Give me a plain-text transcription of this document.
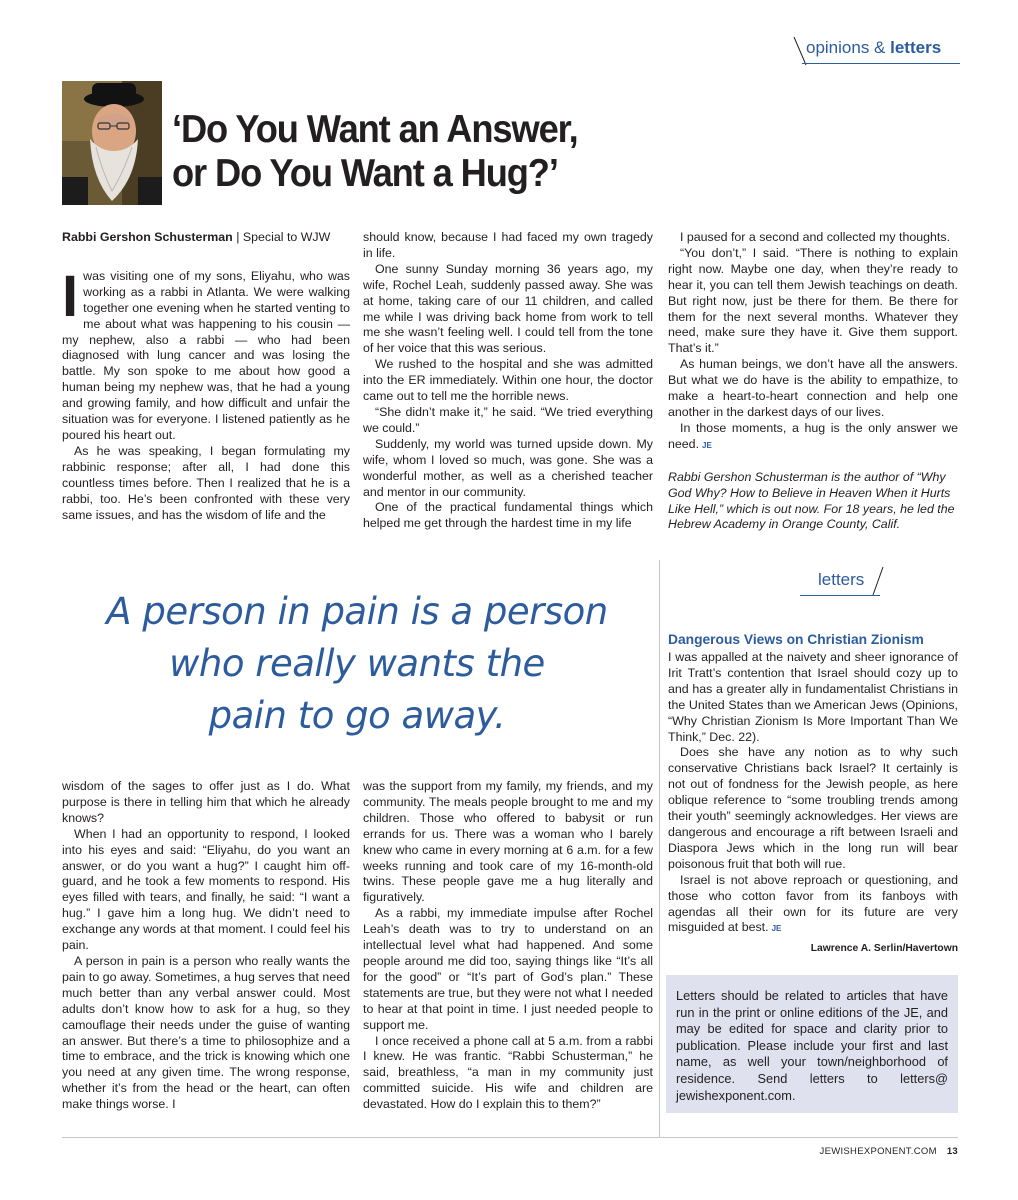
opinions & letters
‘Do You Want an Answer,
or Do You Want a Hug?’

Rabbi Gershon Schusterman | Special to WJW

Iwas visiting one of my sons, Eliyahu, who was working as a rabbi in Atlanta. We were walking together one evening when he started venting to me about what was happening to his cousin — my nephew, also a rabbi — who had been diagnosed with lung cancer and was losing the battle. My son spoke to me about how good a human being my nephew was, that he had a young and growing family, and how difficult and unfair the situation was for everyone. I listened patiently as he poured his heart out.

As he was speaking, I began formulating my rabbinic response; after all, I had done this countless times before. Then I realized that he is a rabbi, too. He’s been confronted with these very same issues, and has the wisdom of life and the

should know, because I had faced my own tragedy in life.

One sunny Sunday morning 36 years ago, my wife, Rochel Leah, suddenly passed away. She was at home, taking care of our 11 children, and called me while I was driving back home from work to tell me she wasn’t feeling well. I could tell from the tone of her voice that this was serious.

We rushed to the hospital and she was admitted into the ER immediately. Within one hour, the doctor came out to tell me the horrible news.

“She didn’t make it,” he said. “We tried everything we could.”

Suddenly, my world was turned upside down. My wife, whom I loved so much, was gone. She was a wonderful mother, as well as a cherished teacher and mentor in our community.

One of the practical fundamental things which helped me get through the hardest time in my life

I paused for a second and collected my thoughts.

“You don’t,” I said. “There is nothing to explain right now. Maybe one day, when they’re ready to hear it, you can tell them Jewish teachings on death. But right now, just be there for them. Be there for them for the next several months. Whatever they need, make sure they have it. Give them support. That’s it.”

As human beings, we don’t have all the answers. But what we do have is the ability to empathize, to make a heart-to-heart connection and help one another in the darkest days of our lives.

In those moments, a hug is the only answer we need. JE

Rabbi Gershon Schusterman is the author of “Why God Why? How to Believe in Heaven When it Hurts Like Hell,” which is out now. For 18 years, he led the Hebrew Academy in Orange County, Calif.

A person in pain is a person
who really wants the
pain to go away.

wisdom of the sages to offer just as I do. What purpose is there in telling him that which he already knows?

When I had an opportunity to respond, I looked into his eyes and said: “Eliyahu, do you want an answer, or do you want a hug?” I caught him off-guard, and he took a few moments to respond. His eyes filled with tears, and finally, he said: “I want a hug.” I gave him a long hug. We didn’t need to exchange any words at that moment. I could feel his pain.

A person in pain is a person who really wants the pain to go away. Sometimes, a hug serves that need much better than any verbal answer could. Most adults don’t know how to ask for a hug, so they camouflage their needs under the guise of wanting an answer. But there’s a time to philosophize and a time to embrace, and the trick is knowing which one you need at any given time. The wrong response, whether it’s from the head or the heart, can often make things worse. I

was the support from my family, my friends, and my community. The meals people brought to me and my children. Those who offered to babysit or run errands for us. There was a woman who I barely knew who came in every morning at 6 a.m. for a few weeks running and took care of my 16-month-old twins. These people gave me a hug literally and figuratively.

As a rabbi, my immediate impulse after Rochel Leah’s death was to try to understand on an intellectual level what had happened. And some people around me did too, saying things like “It’s all for the good” or “It’s part of God’s plan.” These statements are true, but they were not what I needed to hear at that point in time. I just needed people to support me.

I once received a phone call at 5 a.m. from a rabbi I knew. He was frantic. “Rabbi Schusterman,” he said, breathless, “a man in my community just committed suicide. His wife and children are devastated. How do I explain this to them?”

letters
Dangerous Views on Christian Zionism

I was appalled at the naivety and sheer ignorance of Irit Tratt’s contention that Israel should cozy up to and has a greater ally in fundamentalist Christians in the United States than we American Jews (Opinions, “Why Christian Zionism Is More Important Than We Think,” Dec. 22).

Does she have any notion as to why such conservative Christians back Israel? It certainly is not out of fondness for the Jewish people, as here oblique reference to “some troubling trends among their youth” seemingly acknowledges. Her views are dangerous and encourage a rift between Israeli and Diaspora Jews which in the long run will bear poisonous fruit that both will rue.

Israel is not above reproach or questioning, and those who cotton favor from its fanboys with agendas all their own for its future are very misguided at best. JE

Lawrence A. Serlin/Havertown

Letters should be related to articles that have run in the print or online editions of the JE, and may be edited for space and clarity prior to publication. Please include your first and last name, as well your town/neighborhood of residence. Send letters to letters@ jewishexponent.com.

JEWISHEXPONENT.COM 13
